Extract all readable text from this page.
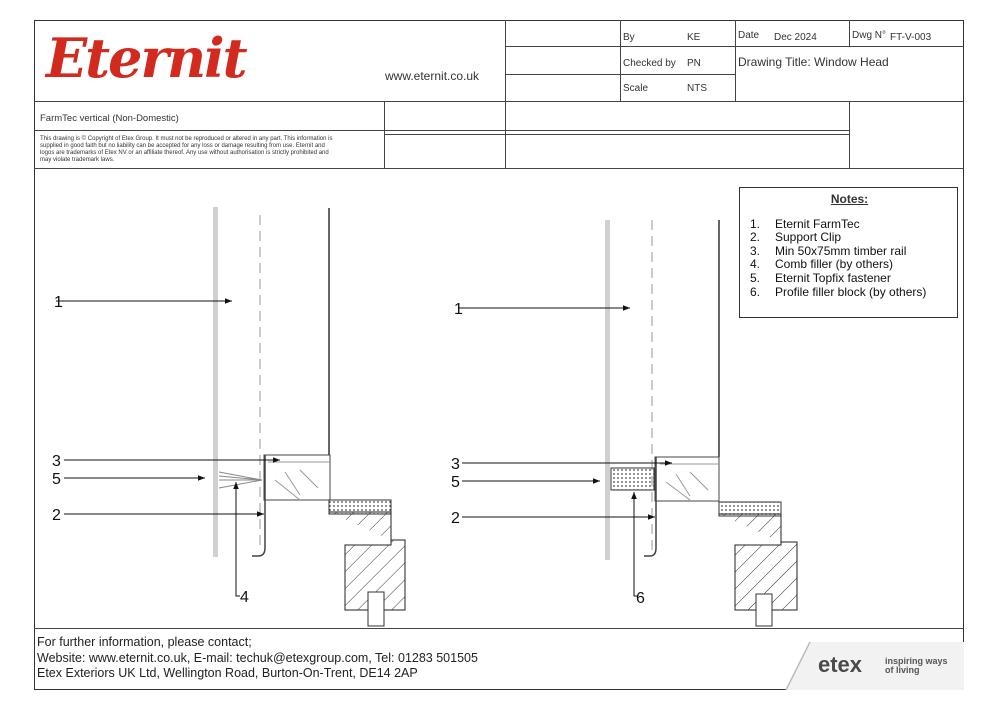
Eternit	www.eternit.co.uk
By	KE
Checked by PN
Scale	NTS
Date Dec 2024	Dwg N° FT-V-003
Drawing Title: Window Head
FarmTec vertical (Non-Domestic)
This drawing is © Copyright of Etex Group. It must not be reproduced or altered in any part. This information is supplied in good faith but no liability can be accepted for any loss or damage resulting from use. Eternit and logos are trademarks of Etex NV or an affiliate thereof. Any use without authorisation is strictly prohibited and may violate trademark laws.
Notes:
1. Eternit FarmTec
2. Support Clip
3. Min 50x75mm timber rail
4. Comb filler (by others)
5. Eternit Topfix fastener
6. Profile filler block (by others)
1
3
5
2
4
1
3
5
2
6
etex	inspiring ways
of living
For further information, please contact;
Website: www.eternit.co.uk, E-mail: techuk@etexgroup.com, Tel: 01283 501505
Etex Exteriors UK Ltd, Wellington Road, Burton-On-Trent, DE14 2AP
